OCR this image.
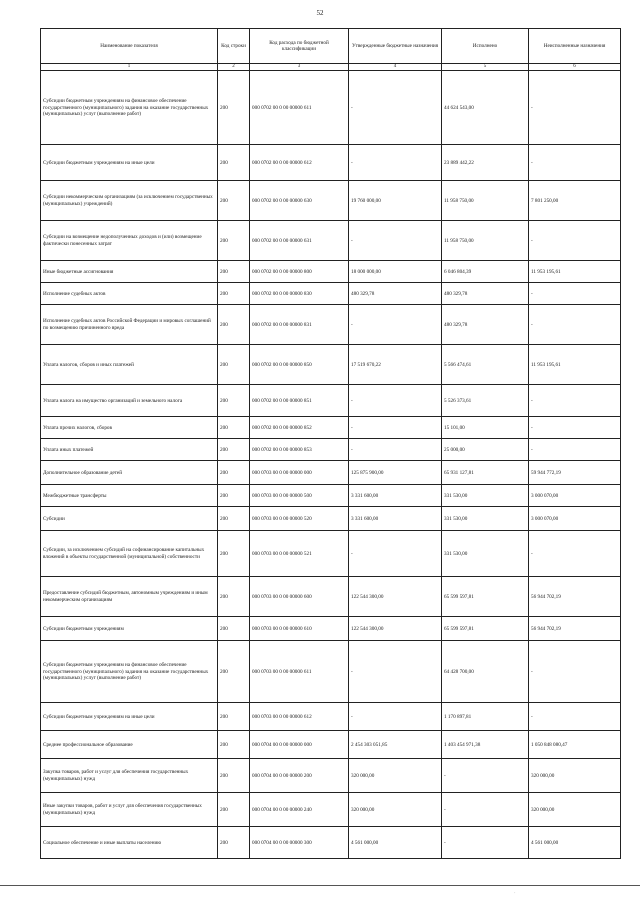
52
Наименование показателя	Код строки	Код расхода по бюджетной классификации	Утвержденные бюджетные назначения	Исполнено	Неисполненные назначения
1	2	3	4	5	6
Субсидии бюджетным учреждениям на финансовое обеспечение государственного (муниципального) задания на оказание государственных (муниципальных) услуг (выполнение работ)	200	000 0702 00 0 00 00000 611	-	44 624 543,00	-
Субсидии бюджетным учреждениям на иные цели	200	000 0702 00 0 00 00000 612	-	23 889 442,22	-
Субсидии некоммерческим организациям (за исключением государственных (муниципальных) учреждений)	200	000 0702 00 0 00 00000 630	19 760 000,00	11 958 750,00	7 801 250,00
Субсидии на возмещение недополученных доходов и (или) возмещение фактически понесенных затрат	200	000 0702 00 0 00 00000 631	-	11 958 750,00	-
Иные бюджетные ассигнования	200	000 0702 00 0 00 00000 800	18 000 000,00	6 046 804,39	11 953 195,61
Исполнение судебных актов	200	000 0702 00 0 00 00000 830	480 329,78	480 329,78	-
Исполнение судебных актов Российской Федерации и мировых соглашений по возмещению причиненного вреда	200	000 0702 00 0 00 00000 831	-	480 329,78	-
Уплата налогов, сборов и иных платежей	200	000 0702 00 0 00 00000 850	17 519 670,22	5 566 474,61	11 953 195,61
Уплата налога на имущество организаций и земельного налога	200	000 0702 00 0 00 00000 851	-	5 526 373,61	-
Уплата прочих налогов, сборов	200	000 0702 00 0 00 00000 852	-	15 101,00	-
Уплата иных платежей	200	000 0702 00 0 00 00000 853	-	25 000,00	-
Дополнительное образование детей	200	000 0703 00 0 00 00000 000	125 875 900,00	65 931 127,81	59 944 772,19
Межбюджетные трансферты	200	000 0703 00 0 00 00000 500	3 331 600,00	331 530,00	3 000 070,00
Субсидии	200	000 0703 00 0 00 00000 520	3 331 600,00	331 530,00	3 000 070,00
Субсидии, за исключением субсидий на софинансирование капитальных вложений в объекты государственной (муниципальной) собственности	200	000 0703 00 0 00 00000 521	-	331 530,00	-
Предоставление субсидий бюджетным, автономным учреждениям и иным некоммерческим организациям	200	000 0703 00 0 00 00000 600	122 544 300,00	65 599 597,81	56 944 702,19
Субсидии бюджетным учреждениям	200	000 0703 00 0 00 00000 610	122 544 300,00	65 599 597,81	56 944 702,19
Субсидии бюджетным учреждениям на финансовое обеспечение государственного (муниципального) задания на оказание государственных (муниципальных) услуг (выполнение работ)	200	000 0703 00 0 00 00000 611	-	64 428 700,00	-
Субсидии бюджетным учреждениям на иные цели	200	000 0703 00 0 00 00000 612	-	1 170 897,81	-
Среднее профессиональное образование	200	000 0704 00 0 00 00000 000	2 454 303 051,85	1 403 454 971,38	1 050 848 080,47
Закупка товаров, работ и услуг для обеспечения государственных (муниципальных) нужд	200	000 0704 00 0 00 00000 200	320 000,00	-	320 000,00
Иные закупки товаров, работ и услуг для обеспечения государственных (муниципальных) нужд	200	000 0704 00 0 00 00000 240	320 000,00	-	320 000,00
Социальное обеспечение и иные выплаты населению	200	000 0704 00 0 00 00000 300	4 561 000,00	-	4 561 000,00
˙
